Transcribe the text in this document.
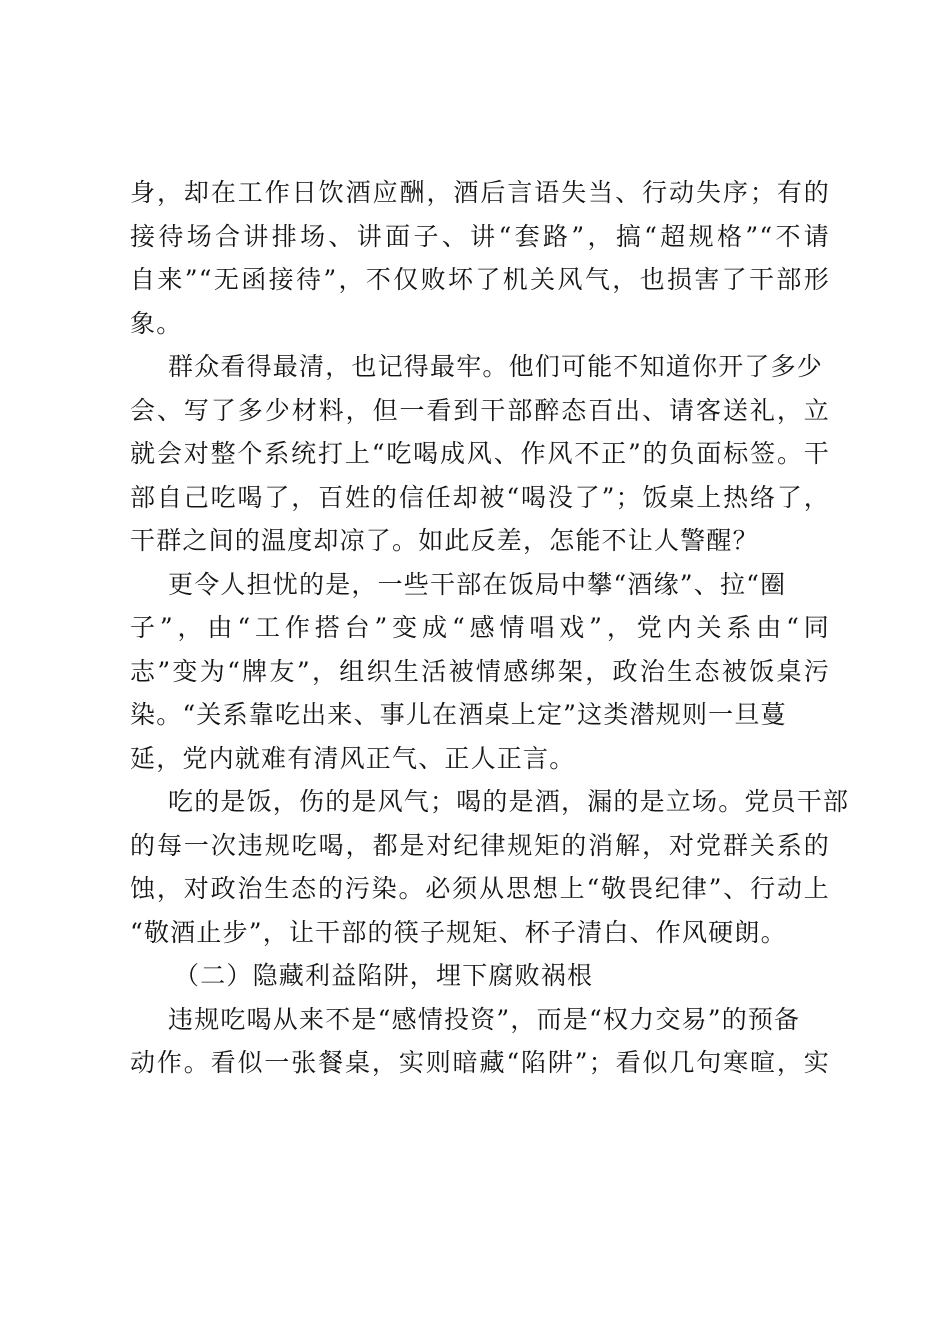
身，却在工作日饮酒应酬，酒后言语失当、行动失序；有的
接待场合讲排场、讲面子、讲“套路”，搞“超规格”“不请
自来”“无函接待”，不仅败坏了机关风气，也损害了干部形
象。
群众看得最清，也记得最牢。他们可能不知道你开了多少
会、写了多少材料，但一看到干部醉态百出、请客送礼，立
就会对整个系统打上“吃喝成风、作风不正”的负面标签。干
部自己吃喝了，百姓的信任却被“喝没了”；饭桌上热络了，
干群之间的温度却凉了。如此反差，怎能不让人警醒？
更令人担忧的是，一些干部在饭局中攀“酒缘”、拉“圈
子”，由“工作搭台”变成“感情唱戏”，党内关系由“同
志”变为“牌友”，组织生活被情感绑架，政治生态被饭桌污
染。“关系靠吃出来、事儿在酒桌上定”这类潜规则一旦蔓
延，党内就难有清风正气、正人正言。
吃的是饭，伤的是风气；喝的是酒，漏的是立场。党员干部
的每一次违规吃喝，都是对纪律规矩的消解，对党群关系的
蚀，对政治生态的污染。必须从思想上“敬畏纪律”、行动上
“敬酒止步”，让干部的筷子规矩、杯子清白、作风硬朗。
（二）隐藏利益陷阱，埋下腐败祸根
违规吃喝从来不是“感情投资”，而是“权力交易”的预备
动作。看似一张餐桌，实则暗藏“陷阱”；看似几句寒暄，实
